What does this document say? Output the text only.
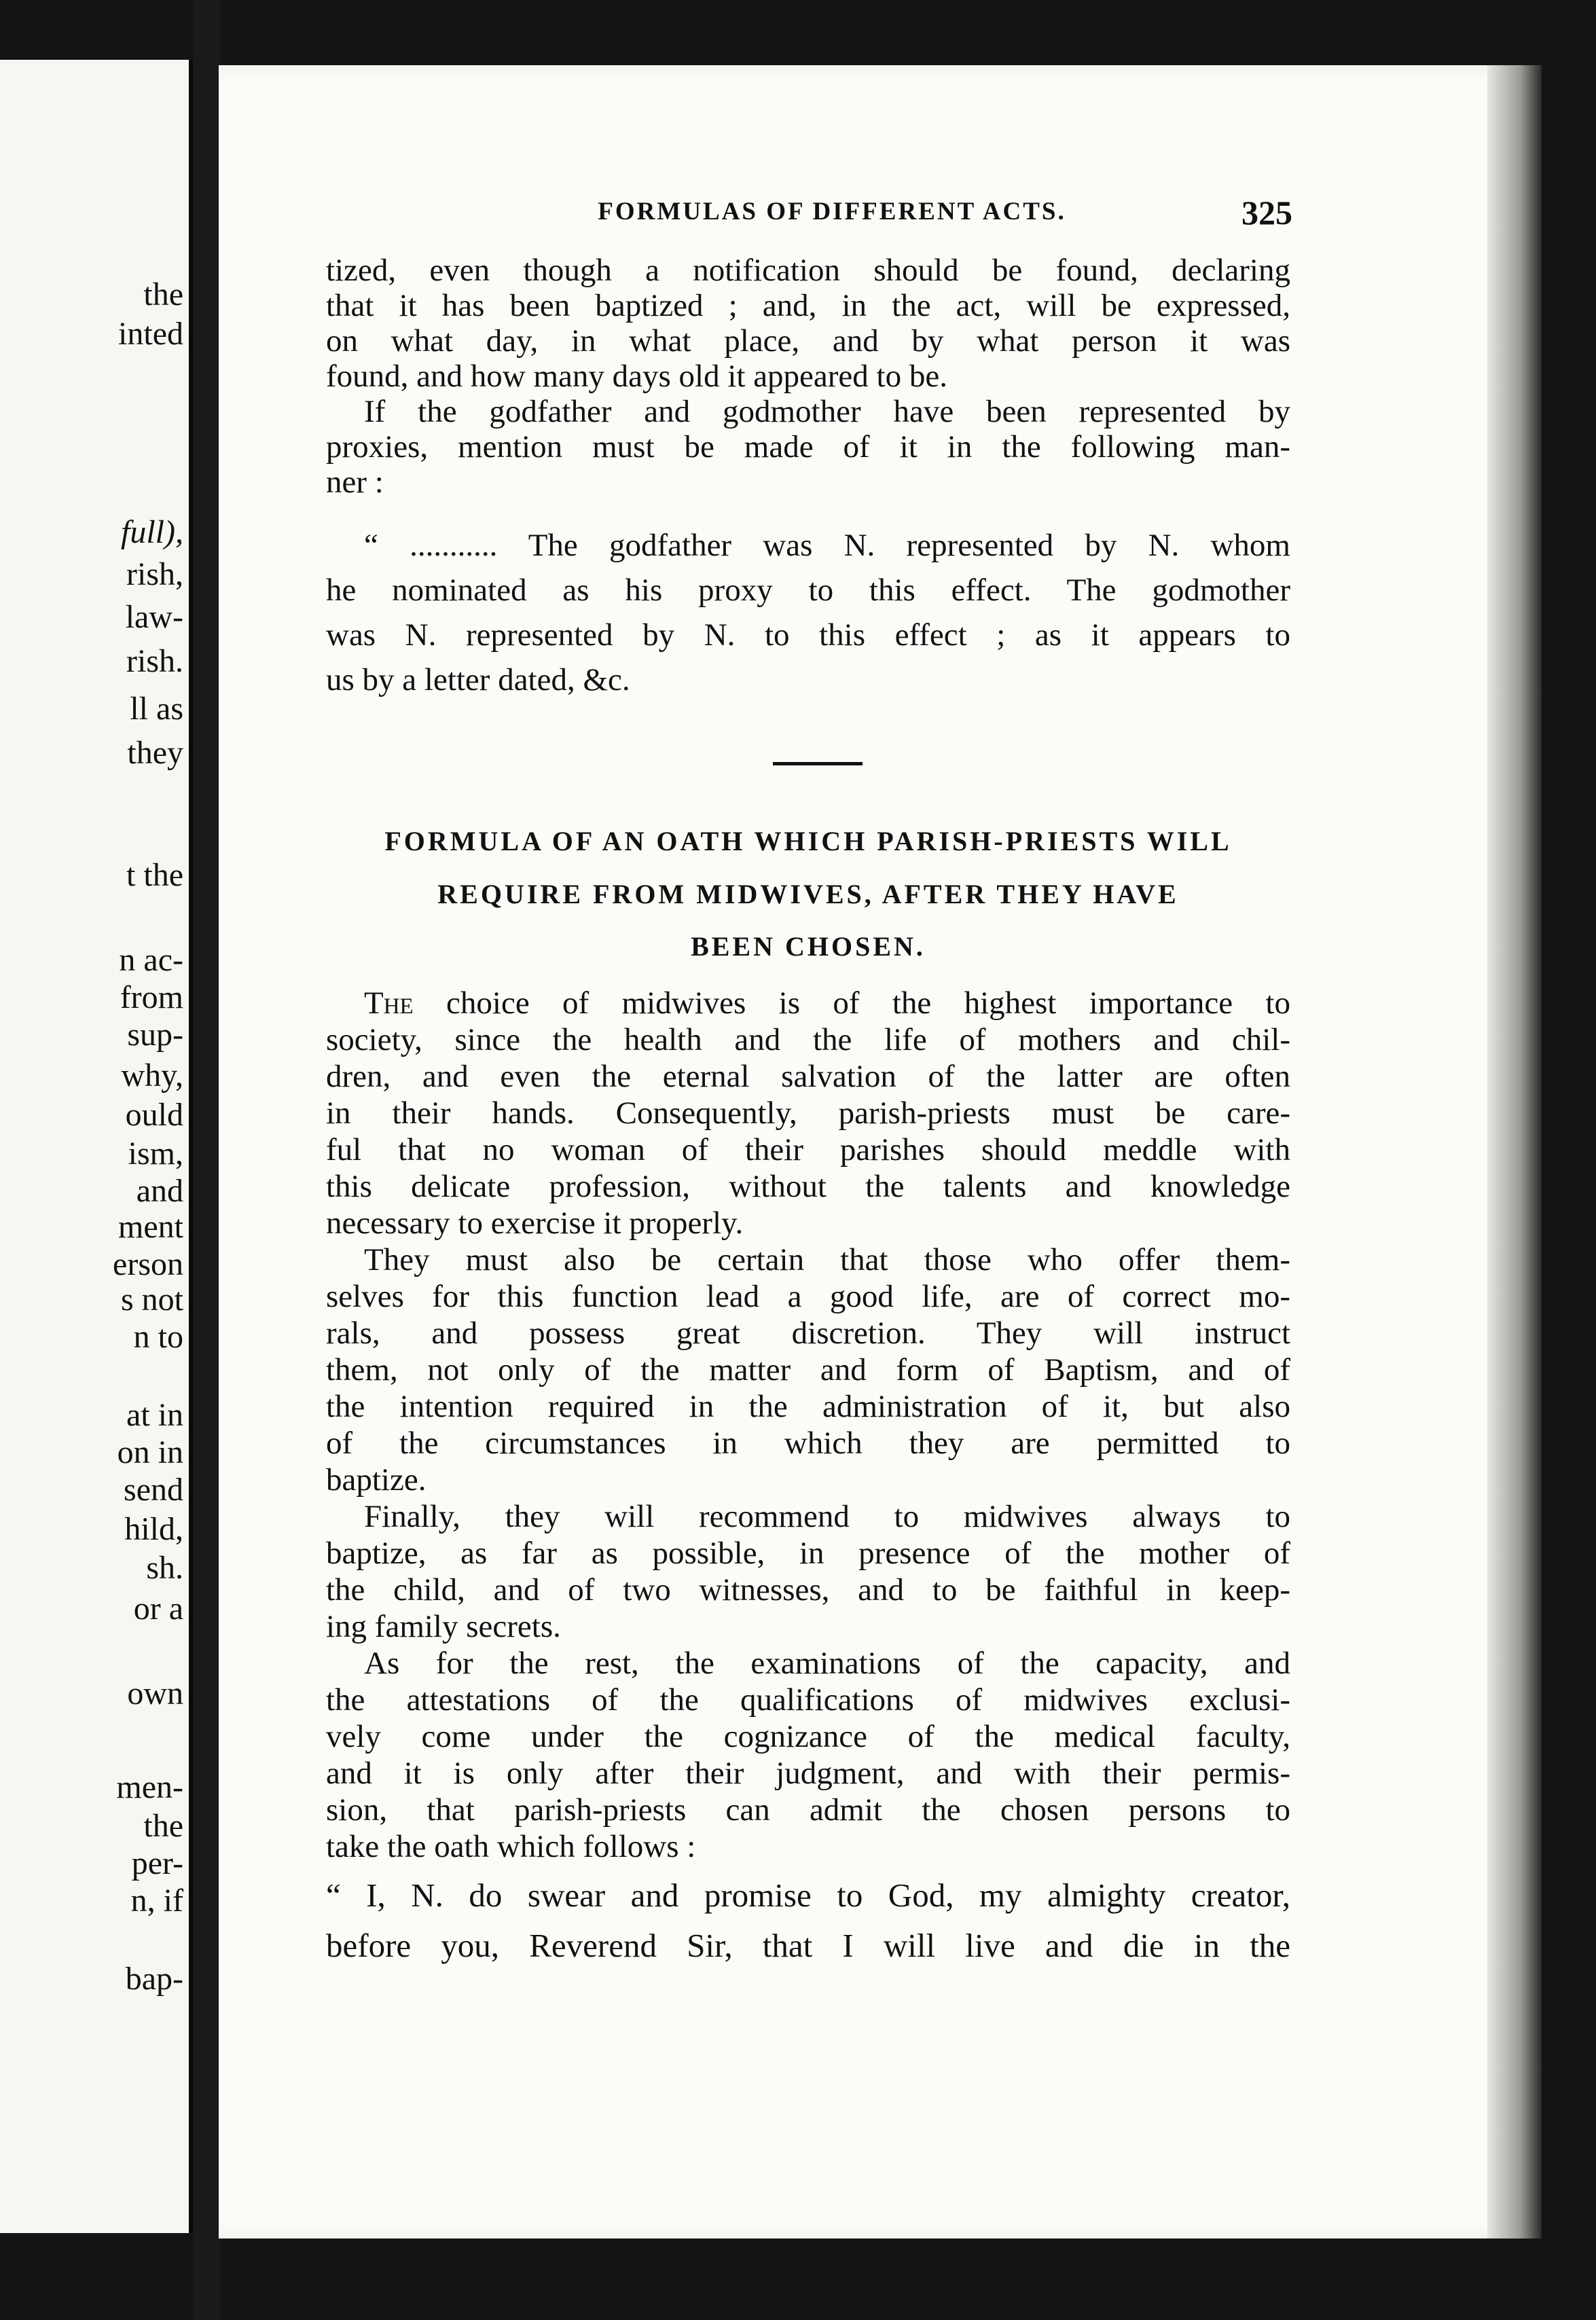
the
inted
full),
rish,
law-
rish.
ll as
they
t the
n ac-
from
sup-
why,
ould
ism,
and
ment
erson
s not
n to
at in
on in
send
hild,
sh.
or a
own
men-
the
per-
n, if
bap-
FORMULAS OF DIFFERENT ACTS.	325
tized, even though a notification should be found, declaring
that it has been baptized ; and, in the act, will be expressed,
on what day, in what place, and by what person it was
found, and how many days old it appeared to be.
If the godfather and godmother have been represented by
proxies, mention must be made of it in the following man-
ner :
“ ........... The godfather was N. represented by N. whom
he nominated as his proxy to this effect. The godmother
was N. represented by N. to this effect ; as it appears to
us by a letter dated, &c.
FORMULA OF AN OATH WHICH PARISH-PRIESTS WILL
REQUIRE FROM MIDWIVES, AFTER THEY HAVE
BEEN CHOSEN.
The choice of midwives is of the highest importance to
society, since the health and the life of mothers and chil-
dren, and even the eternal salvation of the latter are often
in their hands. Consequently, parish-priests must be care-
ful that no woman of their parishes should meddle with
this delicate profession, without the talents and knowledge
necessary to exercise it properly.
They must also be certain that those who offer them-
selves for this function lead a good life, are of correct mo-
rals, and possess great discretion. They will instruct
them, not only of the matter and form of Baptism, and of
the intention required in the administration of it, but also
of the circumstances in which they are permitted to
baptize.
Finally, they will recommend to midwives always to
baptize, as far as possible, in presence of the mother of
the child, and of two witnesses, and to be faithful in keep-
ing family secrets.
As for the rest, the examinations of the capacity, and
the attestations of the qualifications of midwives exclusi-
vely come under the cognizance of the medical faculty,
and it is only after their judgment, and with their permis-
sion, that parish-priests can admit the chosen persons to
take the oath which follows :
“ I, N. do swear and promise to God, my almighty creator,
before you, Reverend Sir, that I will live and die in the
